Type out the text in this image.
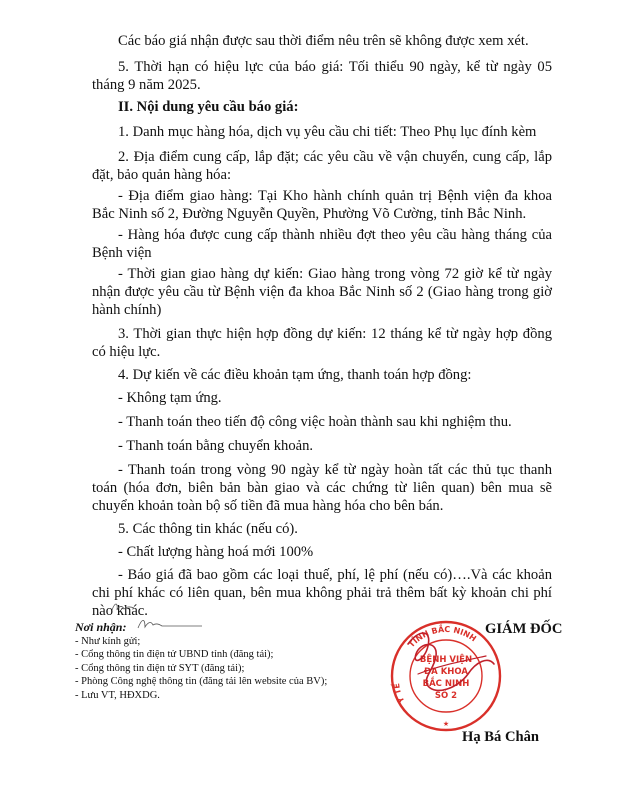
Các báo giá nhận được sau thời điểm nêu trên sẽ không được xem xét.
5. Thời hạn có hiệu lực của báo giá: Tối thiểu 90 ngày, kể từ ngày 05 tháng 9 năm 2025.
II. Nội dung yêu cầu báo giá:
1. Danh mục hàng hóa, dịch vụ yêu cầu chi tiết: Theo Phụ lục đính kèm
2. Địa điểm cung cấp, lắp đặt; các yêu cầu về vận chuyển, cung cấp, lắp đặt, bảo quản hàng hóa:
- Địa điểm giao hàng: Tại Kho hành chính quản trị Bệnh viện đa khoa Bắc Ninh số 2, Đường Nguyễn Quyền, Phường Võ Cường, tỉnh Bắc Ninh.
- Hàng hóa được cung cấp thành nhiều đợt theo yêu cầu hàng tháng của Bệnh viện
- Thời gian giao hàng dự kiến: Giao hàng trong vòng 72 giờ kể từ ngày nhận được yêu cầu từ Bệnh viện đa khoa Bắc Ninh số 2 (Giao hàng trong giờ hành chính)
3. Thời gian thực hiện hợp đồng dự kiến: 12 tháng kể từ ngày hợp đồng có hiệu lực.
4. Dự kiến về các điều khoản tạm ứng, thanh toán hợp đồng:
- Không tạm ứng.
- Thanh toán theo tiến độ công việc hoàn thành sau khi nghiệm thu.
- Thanh toán bằng chuyển khoản.
- Thanh toán trong vòng 90 ngày kể từ ngày hoàn tất các thủ tục thanh toán (hóa đơn, biên bản bàn giao và các chứng từ liên quan) bên mua sẽ chuyển khoản toàn bộ số tiền đã mua hàng hóa cho bên bán.
5. Các thông tin khác (nếu có).
- Chất lượng hàng hoá mới 100%
- Báo giá đã bao gồm các loại thuế, phí, lệ phí (nếu có)….Và các khoản chi phí khác có liên quan, bên mua không phải trả thêm bất kỳ khoản chi phí nào khác.
Nơi nhận:
- Như kính gửi;
- Cổng thông tin điện tử UBND tỉnh (đăng tải);
- Cổng thông tin điện tử SYT (đăng tải);
- Phòng Công nghệ thông tin (đăng tải lên website của BV);
- Lưu VT, HĐXDG.
TỈNH BẮC NINH
Y TẾ
BỆNH VIỆN
ĐA KHOA
BẮC NINH
SỐ 2
★
GIÁM ĐỐC
Hạ Bá Chân
